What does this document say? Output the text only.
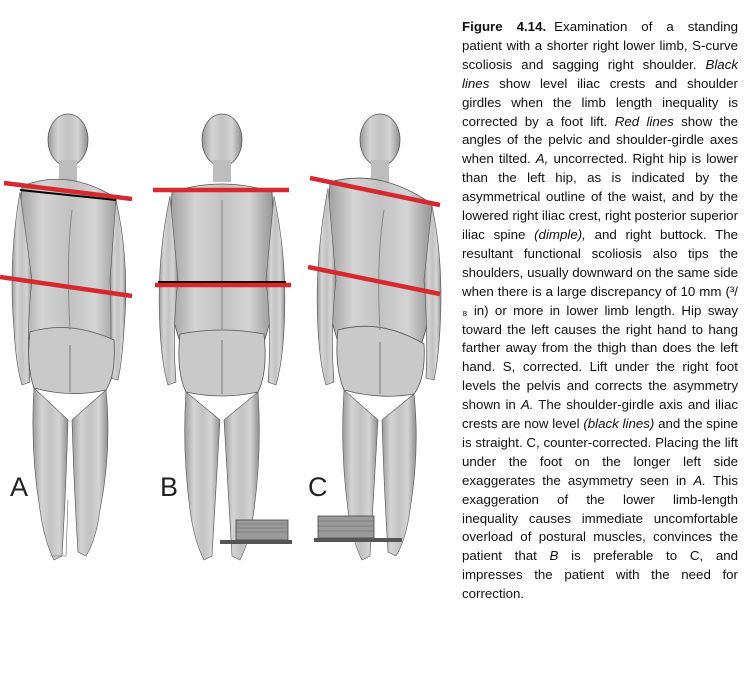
A	B	C
Figure 4.14. Examination of a standing patient with a shorter right lower limb, S-curve scoliosis and sagging right shoulder. Black lines show level iliac crests and shoulder girdles when the limb length inequality is corrected by a foot lift. Red lines show the angles of the pelvic and shoulder-girdle axes when tilted. A, uncorrected. Right hip is lower than the left hip, as is indicated by the asymmetrical outline of the waist, and by the lowered right iliac crest, right posterior superior iliac spine (dimple), and right buttock. The resultant functional scoliosis also tips the shoulders, usually downward on the same side when there is a large discrepancy of 10 mm (³/₈ in) or more in lower limb length. Hip sway toward the left causes the right hand to hang farther away from the thigh than does the left hand. S, corrected. Lift under the right foot levels the pelvis and corrects the asymmetry shown in A. The shoulder-girdle axis and iliac crests are now level (black lines) and the spine is straight. C, counter-corrected. Placing the lift under the foot on the longer left side exaggerates the asymmetry seen in A. This exaggeration of the lower limb-length inequality causes immediate uncomfortable overload of postural muscles, convinces the patient that B is preferable to C, and impresses the patient with the need for correction.
